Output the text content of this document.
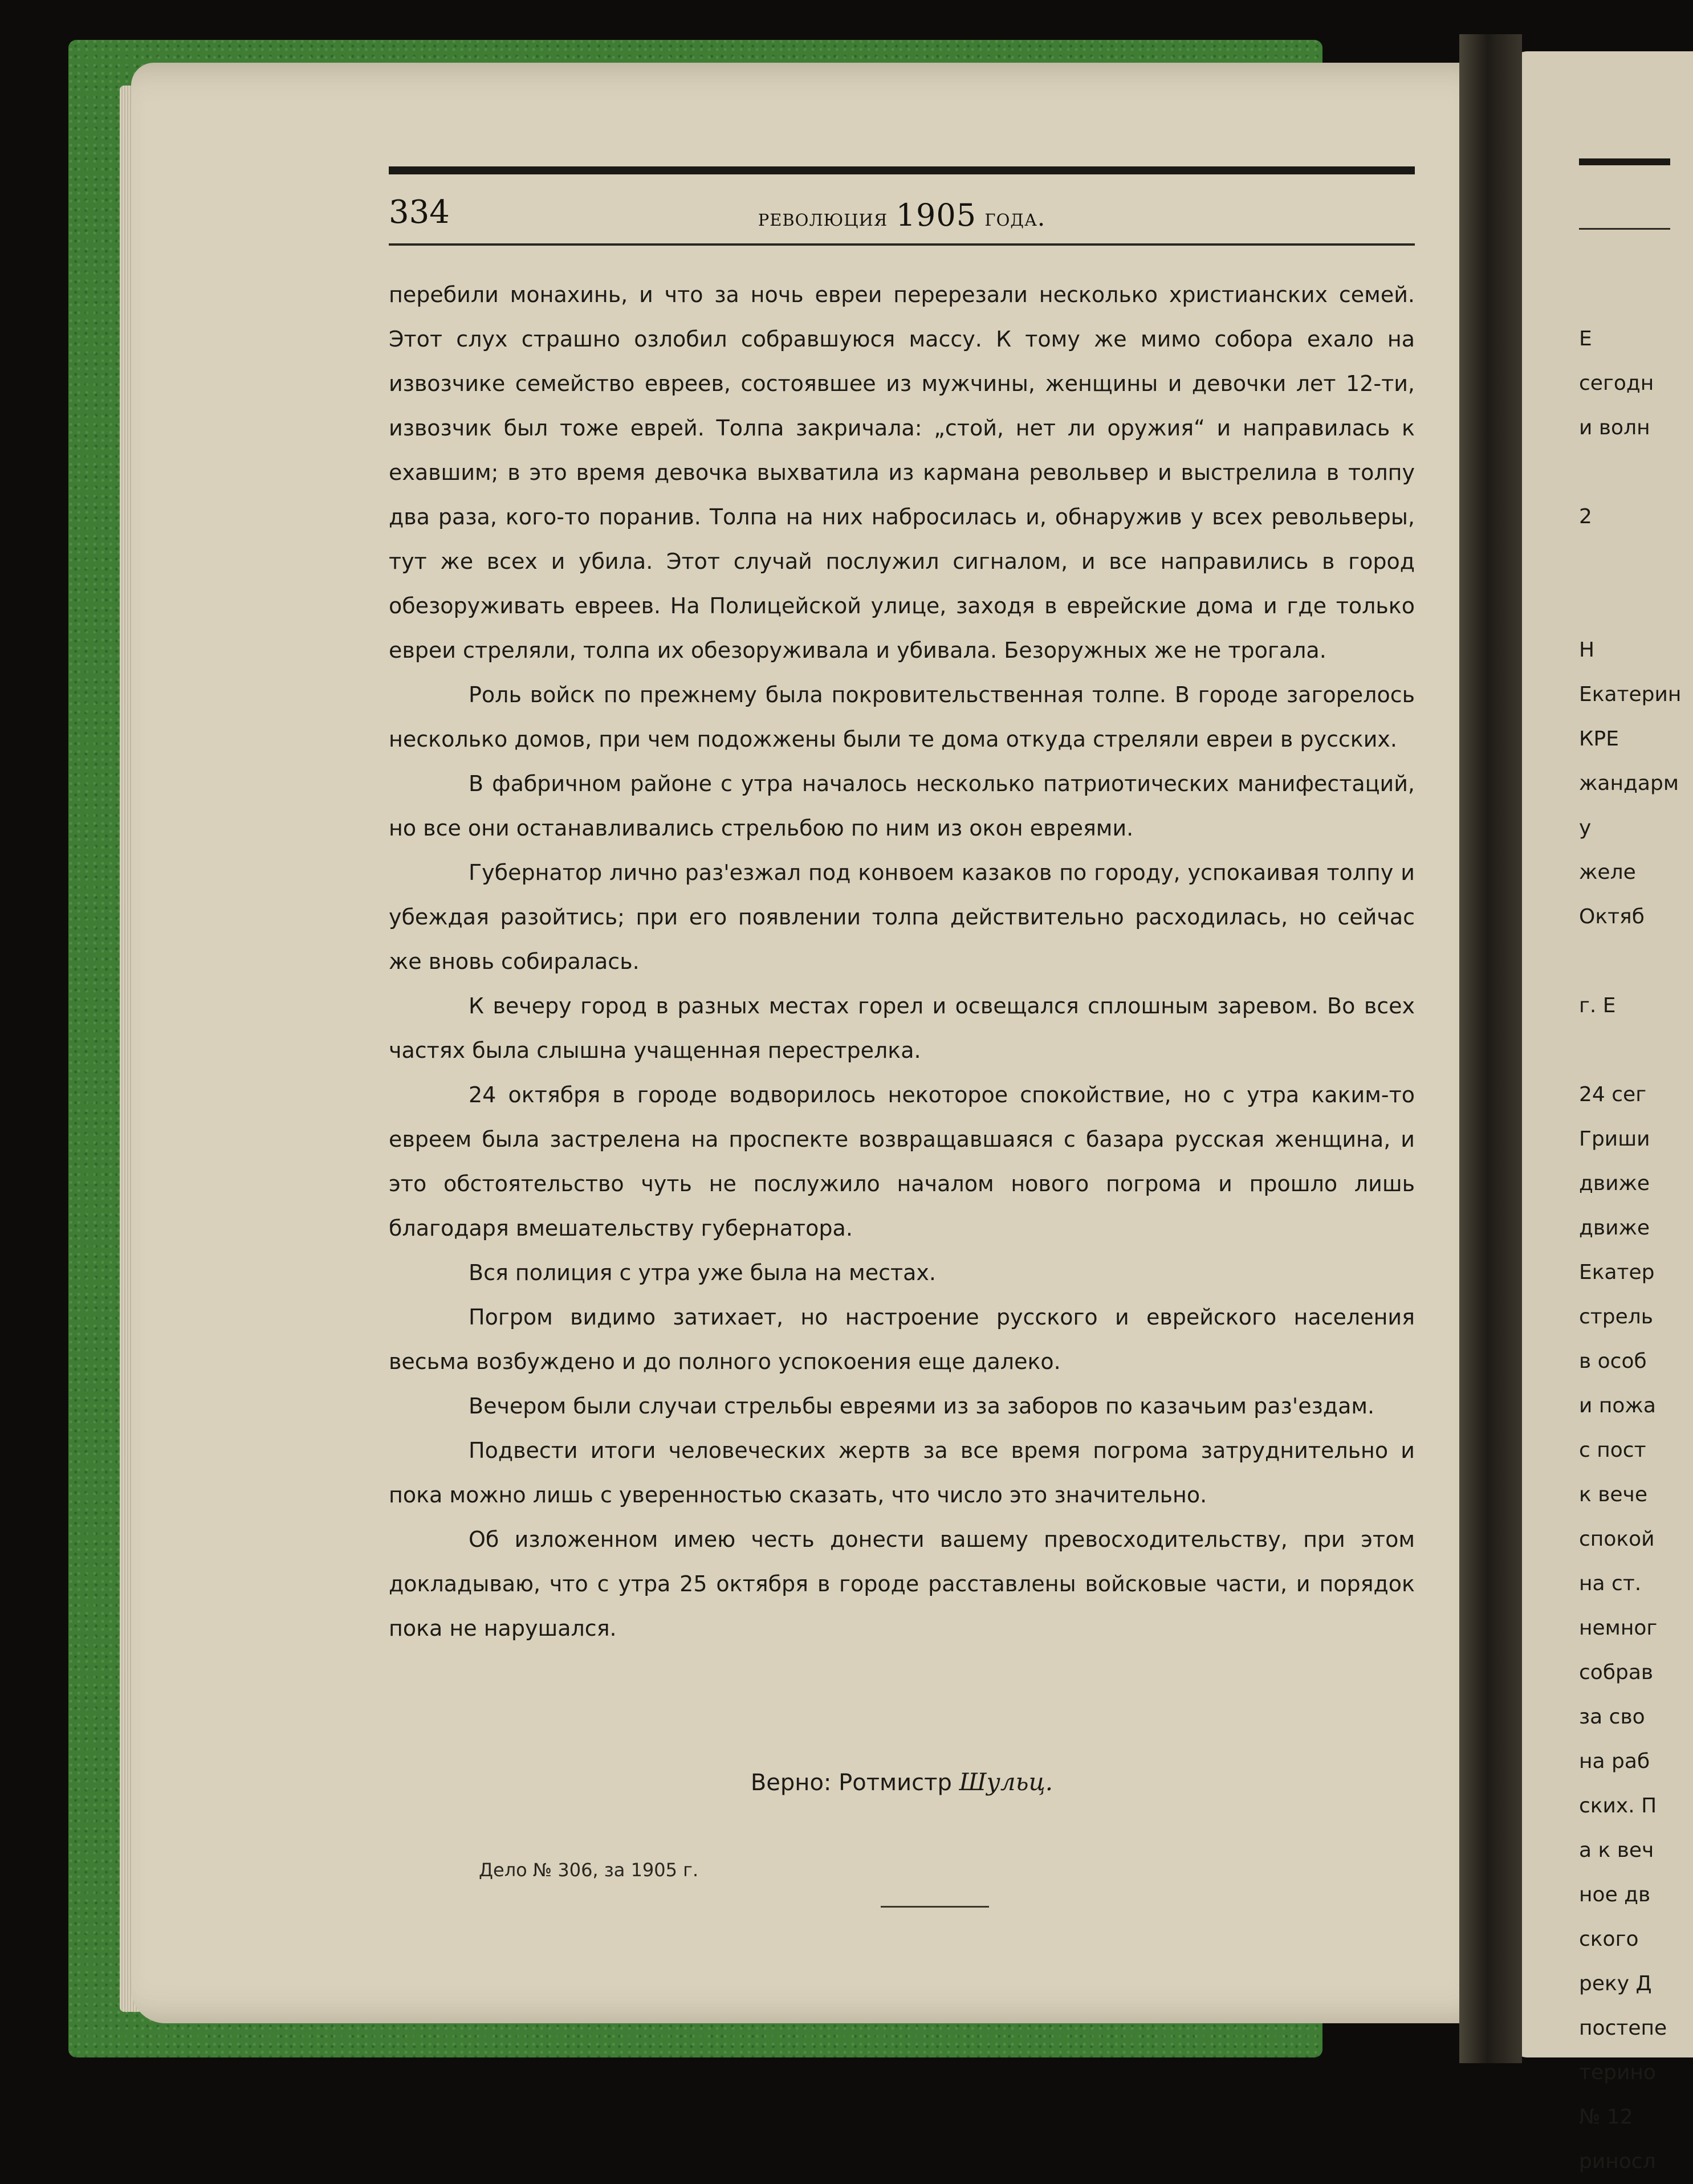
334	революция 1905 года.

перебили монахинь, и что за ночь евреи перерезали несколько христианских семей. Этот слух страшно озлобил собравшуюся массу. К тому же мимо собора ехало на извозчике семейство евреев, состоявшее из мужчины, женщины и девочки лет 12-ти, извозчик был тоже еврей. Толпа закричала: „стой, нет ли оружия“ и направилась к ехавшим; в это время девочка выхватила из кармана револьвер и выстрелила в толпу два раза, кого-то поранив. Толпа на них набросилась и, обнаружив у всех револьверы, тут же всех и убила. Этот случай послужил сигналом, и все направились в город обезоруживать евреев. На Полицейской улице, заходя в еврейские дома и где только евреи стреляли, толпа их обезоруживала и убивала. Безоружных же не трогала.

Роль войск по прежнему была покровительственная толпе. В городе загорелось несколько домов, при чем подожжены были те дома откуда стреляли евреи в русских.

В фабричном районе с утра началось несколько патриотических манифестаций, но все они останавливались стрельбою по ним из окон евреями.

Губернатор лично раз'езжал под конвоем казаков по городу, успокаивая толпу и убеждая разойтись; при его появлении толпа действительно расходилась, но сейчас же вновь собиралась.

К вечеру город в разных местах горел и освещался сплошным заревом. Во всех частях была слышна учащенная перестрелка.

24 октября в городе водворилось некоторое спокойствие, но с утра каким-то евреем была застрелена на проспекте возвращавшаяся с базара русская женщина, и это обстоятельство чуть не послужило началом нового погрома и прошло лишь благодаря вмешательству губернатора.

Вся полиция с утра уже была на местах.

Погром видимо затихает, но настроение русского и еврейского населения весьма возбуждено и до полного успокоения еще далеко.

Вечером были случаи стрельбы евреями из за заборов по казачьим раз'ездам.

Подвести итоги человеческих жертв за все время погрома затруднительно и пока можно лишь с уверенностью сказать, что число это значительно.

Об изложенном имею честь донести вашему превосходительству, при этом докладываю, что с утра 25 октября в городе расставлены войсковые части, и порядок пока не нарушался.

Верно: Ротмистр Шульц.
Дело № 306, за 1905 г.
Е
сегодн
и волн
2
Н
Екатерин
КРЕ
жандарм
у
желе
Октяб
г. Е
24 сег
Гриши
движе
движе
Екатер
стрель
в особ
и пожа
с пост
к вече
спокой
на ст.
немног
собрав
за сво
на раб
ских. П
а к веч
ное дв
ского
реку Д
постепе
терино
№ 12
риносл
